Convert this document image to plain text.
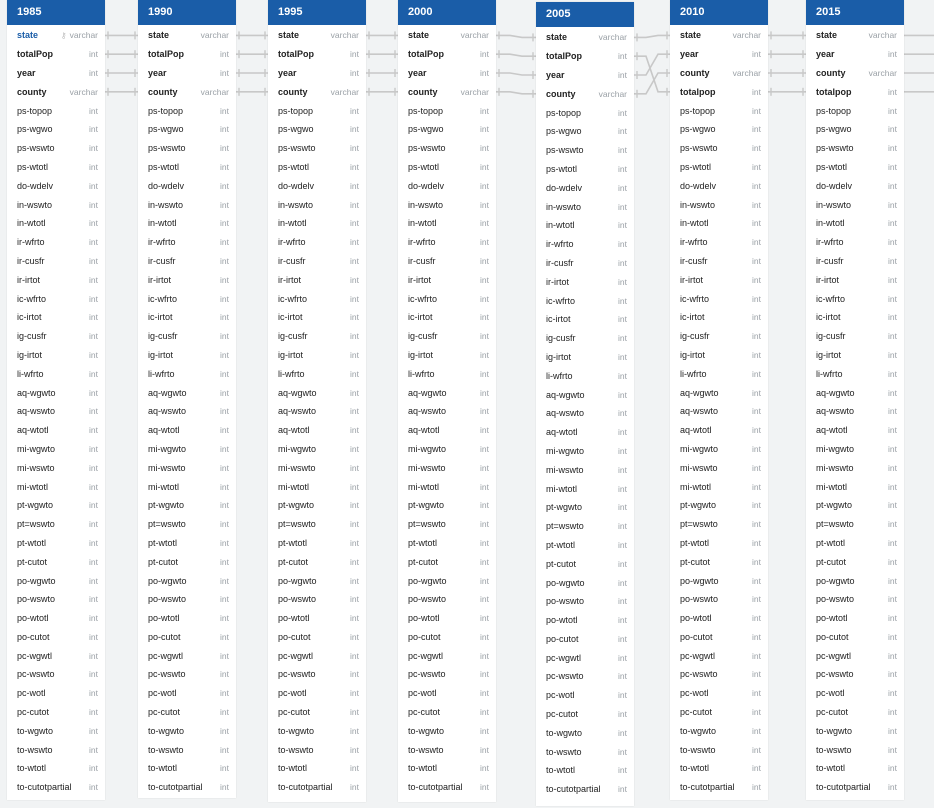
1985
state	⚷ varchar
totalPop	int
year	int
county	varchar
ps-topop	int
ps-wgwo	int
ps-wswto	int
ps-wtotl	int
do-wdelv	int
in-wswto	int
in-wtotl	int
ir-wfrto	int
ir-cusfr	int
ir-irtot	int
ic-wfrto	int
ic-irtot	int
ig-cusfr	int
ig-irtot	int
li-wfrto	int
aq-wgwto	int
aq-wswto	int
aq-wtotl	int
mi-wgwto	int
mi-wswto	int
mi-wtotl	int
pt-wgwto	int
pt=wswto	int
pt-wtotl	int
pt-cutot	int
po-wgwto	int
po-wswto	int
po-wtotl	int
po-cutot	int
pc-wgwtl	int
pc-wswto	int
pc-wotl	int
pc-cutot	int
to-wgwto	int
to-wswto	int
to-wtotl	int
to-cutotpartial int
1990
state	varchar
totalPop	int
year	int
county	varchar
ps-topop	int
ps-wgwo	int
ps-wswto	int
ps-wtotl	int
do-wdelv	int
in-wswto	int
in-wtotl	int
ir-wfrto	int
ir-cusfr	int
ir-irtot	int
ic-wfrto	int
ic-irtot	int
ig-cusfr	int
ig-irtot	int
li-wfrto	int
aq-wgwto	int
aq-wswto	int
aq-wtotl	int
mi-wgwto	int
mi-wswto	int
mi-wtotl	int
pt-wgwto	int
pt=wswto	int
pt-wtotl	int
pt-cutot	int
po-wgwto	int
po-wswto	int
po-wtotl	int
po-cutot	int
pc-wgwtl	int
pc-wswto	int
pc-wotl	int
pc-cutot	int
to-wgwto	int
to-wswto	int
to-wtotl	int
to-cutotpartial int
1995
state	varchar
totalPop	int
year	int
county	varchar
ps-topop	int
ps-wgwo	int
ps-wswto	int
ps-wtotl	int
do-wdelv	int
in-wswto	int
in-wtotl	int
ir-wfrto	int
ir-cusfr	int
ir-irtot	int
ic-wfrto	int
ic-irtot	int
ig-cusfr	int
ig-irtot	int
li-wfrto	int
aq-wgwto	int
aq-wswto	int
aq-wtotl	int
mi-wgwto	int
mi-wswto	int
mi-wtotl	int
pt-wgwto	int
pt=wswto	int
pt-wtotl	int
pt-cutot	int
po-wgwto	int
po-wswto	int
po-wtotl	int
po-cutot	int
pc-wgwtl	int
pc-wswto	int
pc-wotl	int
pc-cutot	int
to-wgwto	int
to-wswto	int
to-wtotl	int
to-cutotpartial int
2000
state	varchar
totalPop	int
year	int
county	varchar
ps-topop	int
ps-wgwo	int
ps-wswto	int
ps-wtotl	int
do-wdelv	int
in-wswto	int
in-wtotl	int
ir-wfrto	int
ir-cusfr	int
ir-irtot	int
ic-wfrto	int
ic-irtot	int
ig-cusfr	int
ig-irtot	int
li-wfrto	int
aq-wgwto	int
aq-wswto	int
aq-wtotl	int
mi-wgwto	int
mi-wswto	int
mi-wtotl	int
pt-wgwto	int
pt=wswto	int
pt-wtotl	int
pt-cutot	int
po-wgwto	int
po-wswto	int
po-wtotl	int
po-cutot	int
pc-wgwtl	int
pc-wswto	int
pc-wotl	int
pc-cutot	int
to-wgwto	int
to-wswto	int
to-wtotl	int
to-cutotpartial int
2005
state	varchar
totalPop	int
year	int
county	varchar
ps-topop	int
ps-wgwo	int
ps-wswto	int
ps-wtotl	int
do-wdelv	int
in-wswto	int
in-wtotl	int
ir-wfrto	int
ir-cusfr	int
ir-irtot	int
ic-wfrto	int
ic-irtot	int
ig-cusfr	int
ig-irtot	int
li-wfrto	int
aq-wgwto	int
aq-wswto	int
aq-wtotl	int
mi-wgwto	int
mi-wswto	int
mi-wtotl	int
pt-wgwto	int
pt=wswto	int
pt-wtotl	int
pt-cutot	int
po-wgwto	int
po-wswto	int
po-wtotl	int
po-cutot	int
pc-wgwtl	int
pc-wswto	int
pc-wotl	int
pc-cutot	int
to-wgwto	int
to-wswto	int
to-wtotl	int
to-cutotpartial int
2010
state	varchar
year	int
county	varchar
totalpop	int
ps-topop	int
ps-wgwo	int
ps-wswto	int
ps-wtotl	int
do-wdelv	int
in-wswto	int
in-wtotl	int
ir-wfrto	int
ir-cusfr	int
ir-irtot	int
ic-wfrto	int
ic-irtot	int
ig-cusfr	int
ig-irtot	int
li-wfrto	int
aq-wgwto	int
aq-wswto	int
aq-wtotl	int
mi-wgwto	int
mi-wswto	int
mi-wtotl	int
pt-wgwto	int
pt=wswto	int
pt-wtotl	int
pt-cutot	int
po-wgwto	int
po-wswto	int
po-wtotl	int
po-cutot	int
pc-wgwtl	int
pc-wswto	int
pc-wotl	int
pc-cutot	int
to-wgwto	int
to-wswto	int
to-wtotl	int
to-cutotpartial int
2015
state	varchar
year	int
county	varchar
totalpop	int
ps-topop	int
ps-wgwo	int
ps-wswto	int
ps-wtotl	int
do-wdelv	int
in-wswto	int
in-wtotl	int
ir-wfrto	int
ir-cusfr	int
ir-irtot	int
ic-wfrto	int
ic-irtot	int
ig-cusfr	int
ig-irtot	int
li-wfrto	int
aq-wgwto	int
aq-wswto	int
aq-wtotl	int
mi-wgwto	int
mi-wswto	int
mi-wtotl	int
pt-wgwto	int
pt=wswto	int
pt-wtotl	int
pt-cutot	int
po-wgwto	int
po-wswto	int
po-wtotl	int
po-cutot	int
pc-wgwtl	int
pc-wswto	int
pc-wotl	int
pc-cutot	int
to-wgwto	int
to-wswto	int
to-wtotl	int
to-cutotpartial int
